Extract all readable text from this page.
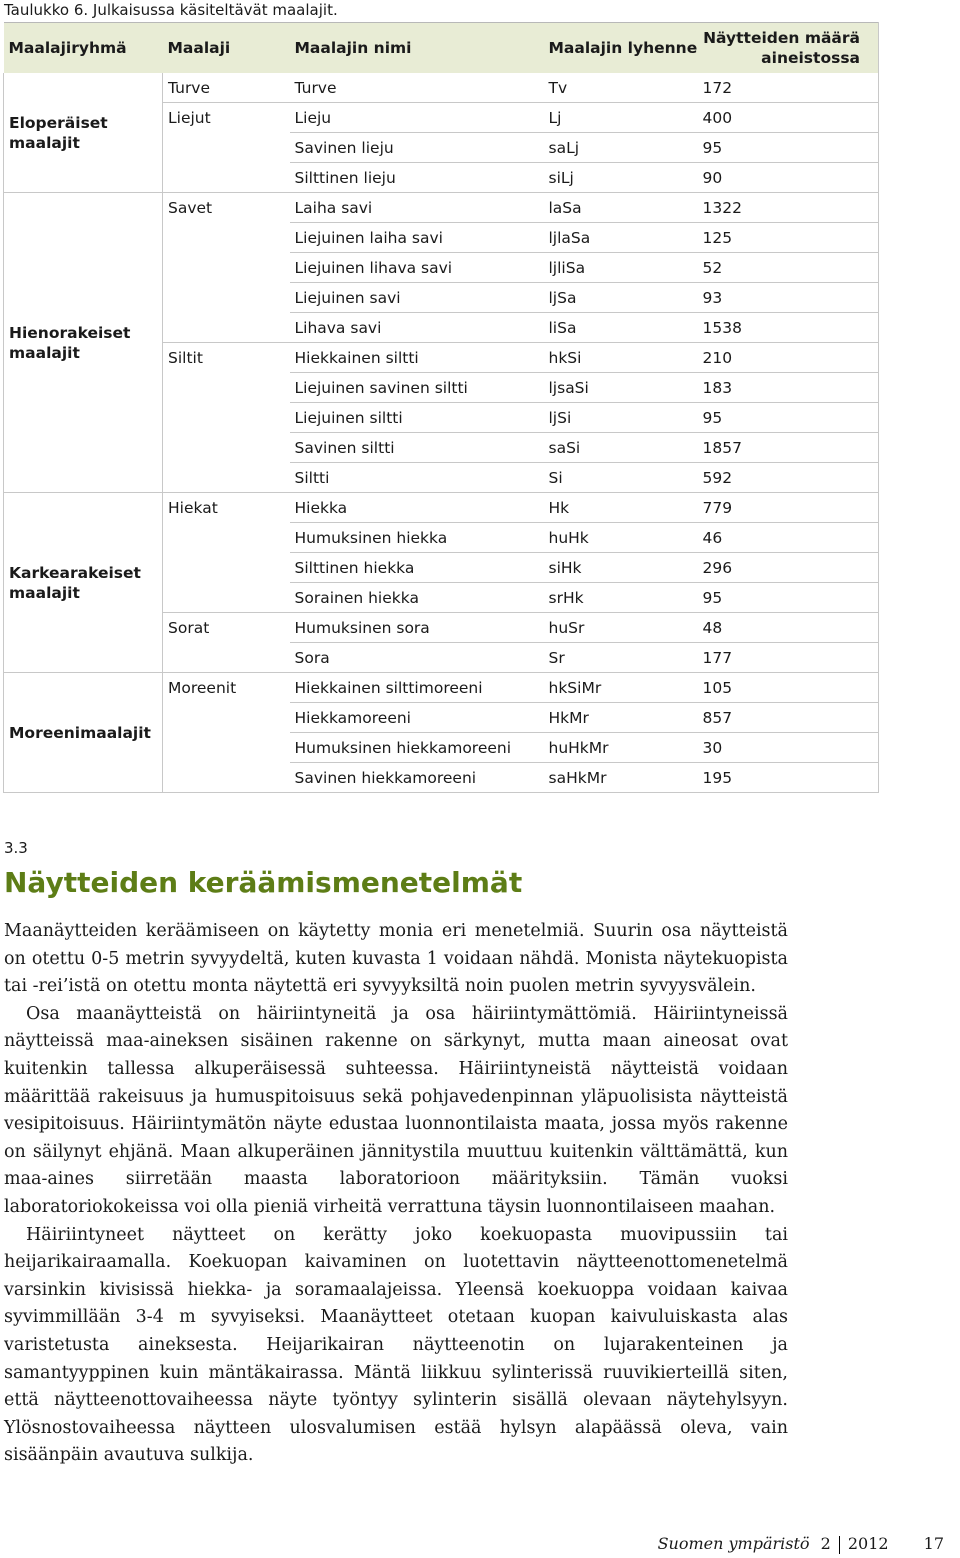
Taulukko 6. Julkaisussa käsiteltävät maalajit.
Maalajiryhmä	Maalaji	Maalajin nimi	Maalajin lyhenne	Näytteiden määrä aineistossa
Eloperäiset maalajit	Turve	Turve	Tv	172
	Liejut	Lieju	Lj	400
		Savinen lieju	saLj	95
		Silttinen lieju	siLj	90
Hienorakeiset maalajit	Savet	Laiha savi	laSa	1322
		Liejuinen laiha savi	ljlaSa	125
		Liejuinen lihava savi	ljliSa	52
		Liejuinen savi	ljSa	93
		Lihava savi	liSa	1538
	Siltit	Hiekkainen siltti	hkSi	210
		Liejuinen savinen siltti	ljsaSi	183
		Liejuinen siltti	ljSi	95
		Savinen siltti	saSi	1857
		Siltti	Si	592
Karkearakeiset maalajit	Hiekat	Hiekka	Hk	779
		Humuksinen hiekka	huHk	46
		Silttinen hiekka	siHk	296
		Sorainen hiekka	srHk	95
	Sorat	Humuksinen sora	huSr	48
		Sora	Sr	177
Moreenimaalajit	Moreenit	Hiekkainen silttimoreeni	hkSiMr	105
		Hiekkamoreeni	HkMr	857
		Humuksinen hiekkamoreeni	huHkMr	30
		Savinen hiekkamoreeni	saHkMr	195
3.3
Näytteiden keräämismenetelmät

Maanäytteiden keräämiseen on käytetty monia eri menetelmiä. Suurin osa näytteistä on otettu 0-5 metrin syvyydeltä, kuten kuvasta 1 voidaan nähdä. Monista näytekuopista tai -rei’istä on otettu monta näytettä eri syvyyksiltä noin puolen metrin syvyysvälein.

Osa maanäytteistä on häiriintyneitä ja osa häiriintymättömiä. Häiriintyneissä näytteissä maa-aineksen sisäinen rakenne on särkynyt, mutta maan aineosat ovat kuitenkin tallessa alkuperäisessä suhteessa. Häiriintyneistä näytteistä voidaan määrittää rakeisuus ja humuspitoisuus sekä pohjavedenpinnan yläpuolisista näytteistä vesipitoisuus. Häiriintymätön näyte edustaa luonnontilaista maata, jossa myös rakenne on säilynyt ehjänä. Maan alkuperäinen jännitystila muuttuu kuitenkin välttämättä, kun maa-aines siirretään maasta laboratorioon määrityksiin. Tämän vuoksi laboratoriokokeissa voi olla pieniä virheitä verrattuna täysin luonnontilaiseen maahan.

Häiriintyneet näytteet on kerätty joko koekuopasta muovipussiin tai heijarikairaamalla. Koekuopan kaivaminen on luotettavin näytteenottomenetelmä varsinkin kivisissä hiekka- ja soramaalajeissa. Yleensä koekuoppa voidaan kaivaa syvimmillään 3-4 m syvyiseksi. Maanäytteet otetaan kuopan kaivuluiskasta alas varistetusta aineksesta. Heijarikairan näytteenotin on lujarakenteinen ja samantyyppinen kuin mäntäkairassa. Mäntä liikkuu sylinterissä ruuvikierteillä siten, että näytteenottovaiheessa näyte työntyy sylinterin sisällä olevaan näytehylsyyn. Ylösnostovaiheessa näytteen ulosvalumisen estää hylsyn alapäässä oleva, vain sisäänpäin avautuva sulkija.

Suomen ympäristö 2 2012 17
